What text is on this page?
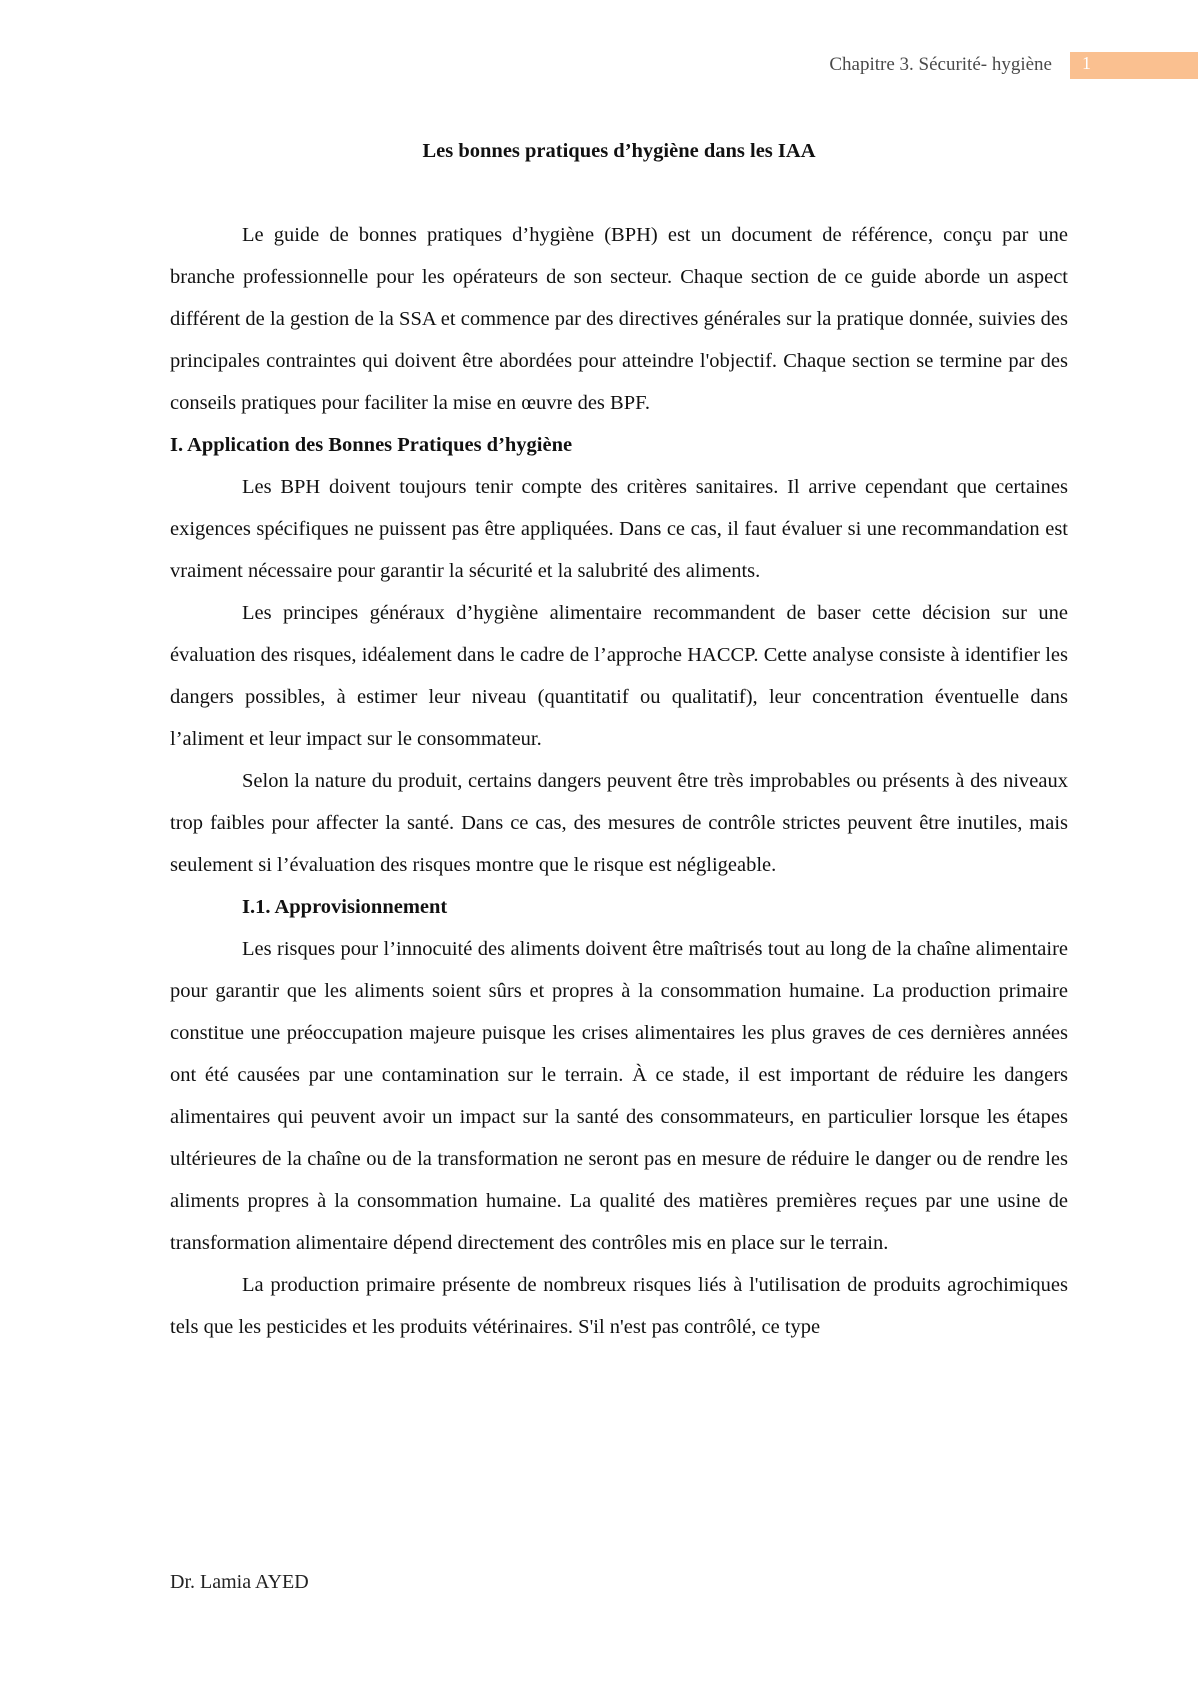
Chapitre 3. Sécurité- hygiène 1

Les bonnes pratiques d’hygiène dans les IAA

Le guide de bonnes pratiques d’hygiène (BPH) est un document de référence, conçu par une branche professionnelle pour les opérateurs de son secteur. Chaque section de ce guide aborde un aspect différent de la gestion de la SSA et commence par des directives générales sur la pratique donnée, suivies des principales contraintes qui doivent être abordées pour atteindre l'objectif. Chaque section se termine par des conseils pratiques pour faciliter la mise en œuvre des BPF.

I. Application des Bonnes Pratiques d’hygiène

Les BPH doivent toujours tenir compte des critères sanitaires. Il arrive cependant que certaines exigences spécifiques ne puissent pas être appliquées. Dans ce cas, il faut évaluer si une recommandation est vraiment nécessaire pour garantir la sécurité et la salubrité des aliments.

Les principes généraux d’hygiène alimentaire recommandent de baser cette décision sur une évaluation des risques, idéalement dans le cadre de l’approche HACCP. Cette analyse consiste à identifier les dangers possibles, à estimer leur niveau (quantitatif ou qualitatif), leur concentration éventuelle dans l’aliment et leur impact sur le consommateur.

Selon la nature du produit, certains dangers peuvent être très improbables ou présents à des niveaux trop faibles pour affecter la santé. Dans ce cas, des mesures de contrôle strictes peuvent être inutiles, mais seulement si l’évaluation des risques montre que le risque est négligeable.

I.1. Approvisionnement

Les risques pour l’innocuité des aliments doivent être maîtrisés tout au long de la chaîne alimentaire pour garantir que les aliments soient sûrs et propres à la consommation humaine. La production primaire constitue une préoccupation majeure puisque les crises alimentaires les plus graves de ces dernières années ont été causées par une contamination sur le terrain. À ce stade, il est important de réduire les dangers alimentaires qui peuvent avoir un impact sur la santé des consommateurs, en particulier lorsque les étapes ultérieures de la chaîne ou de la transformation ne seront pas en mesure de réduire le danger ou de rendre les aliments propres à la consommation humaine. La qualité des matières premières reçues par une usine de transformation alimentaire dépend directement des contrôles mis en place sur le terrain.

La production primaire présente de nombreux risques liés à l'utilisation de produits agrochimiques tels que les pesticides et les produits vétérinaires. S'il n'est pas contrôlé, ce type

Dr. Lamia AYED
